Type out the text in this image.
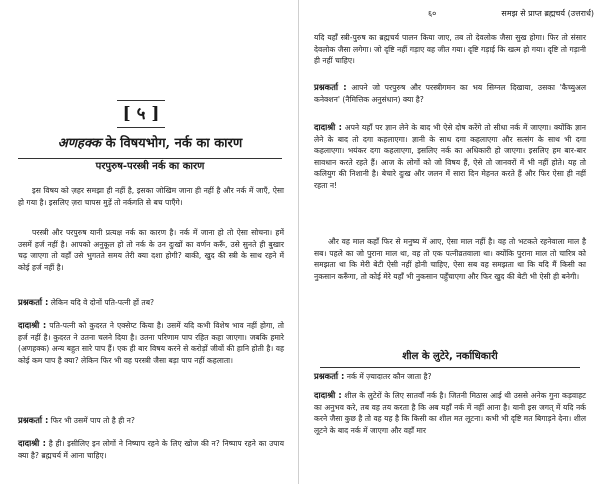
[ ५ ]
अणहक्क के विषयभोग, नर्क का कारण
परपुरुष-परस्त्री नर्क का कारण

इस विषय को ज़हर समझा ही नहीं है, इसका जोखिम जाना ही नहीं है और नर्क में जाएँ, ऐसा हो गया है। इसलिए ज़रा चापस मुड़ें तो नर्कगति से बच पाएँगे।

परस्त्री और परपुरुष यानी प्रत्यक्ष नर्क का कारण है। नर्क में जाना हो तो ऐसा सोचना। हमें उसमें हर्ज नहीं है। आपको अनुकूल हो तो नर्क के उन दुःखों का वर्णन करूँ, उसे सुनते ही बुखार चढ़ जाएगा तो वहाँ उसे भुगतते समय तेरी क्या दशा होगी? बाकी, खुद की स्त्री के साथ रहने में कोई हर्ज नहीं है।

प्रश्नकर्ता : लेकिन यदि वे दोनों पति-पत्नी हों तब?

दादाश्री : पति-पत्नी को कुदरत ने एक्सेप्ट किया है। उसमें यदि कभी विशेष भाव नहीं होगा, तो हर्ज नहीं है। कुदरत ने उतना चलने दिया है। उतना परिणाम पाप रहित कहा जाएगा। जबकि हमारे (अणहक्क) अन्य बहुत सारे पाप हैं। एक ही बार विषय करने से करोड़ों जीवों की हानि होती है। वह कोई कम पाप है क्या? लेकिन फिर भी वह परस्त्री जैसा बड़ा पाप नहीं कहलाता।

प्रश्नकर्ता : फिर भी उसमें पाप तो है ही न?

दादाश्री : है ही। इसीलिए इन लोगों ने निष्पाप रहने के लिए खोज की न? निष्पाप रहने का उपाय क्या है? ब्रह्मचर्य में आना चाहिए।

६०	समझ से प्राप्त ब्रह्मचर्य (उत्तरार्ध)

यदि यहाँ स्त्री-पुरुष का ब्रह्मचर्य पालन किया जाए, तब तो देवलोक जैसा सुख होगा। फिर तो संसार देवलोक जैसा लगेगा। जो दृष्टि नहीं गड़ाए वह जीत गया। दृष्टि गड़ाई कि खत्म हो गया। दृष्टि तो गड़ानी ही नहीं चाहिए।

प्रश्नकर्ता : आपने जो परपुरुष और परस्त्रीगमन का भय सिग्नल दिखाया, उसका 'कैच्युअल कनेक्शन' (नैमित्तिक अनुसंधान) क्या है?

दादाश्री : अपने यहाँ पर ज्ञान लेने के बाद भी ऐसे दोष करेंगे तो सीधा नर्क में जाएगा। क्योंकि ज्ञान लेने के बाद तो दगा कहलाएगा। ज्ञानी के साथ दगा कहलाएगा और सत्संग के साथ भी दगा कहलाएगा। भयंकर दगा कहलाएगा, इसलिए नर्क का अधिकारी हो जाएगा। इसलिए हम बार-बार सावधान करते रहते हैं। आज के लोगों को जो विषय हैं, ऐसे तो जानवरों में भी नहीं होते। यह तो कलियुग की निशानी है। बेचारे दुःख और जलन में सारा दिन मेहनत करते हैं और फिर ऐसा ही नहीं रहता न!

और वह माल कहाँ फिर से मनुष्य में आए, ऐसा माल नहीं है। वह तो भटकते रहनेवाला माल है सब। पहले का जो पुराना माल था, वह तो एक पत्नीव्रतवाला था। क्योंकि पुराना माल तो चारित्र को समझता था कि मेरी बेटी ऐसी नहीं होनी चाहिए, ऐसा सब वह समझता था कि यदि मैं किसी का नुकसान करूँगा, तो कोई मेरे यहाँ भी नुकसान पहुँचाएगा और फिर खुद की बेटी भी ऐसी ही बनेगी।

शील के लुटेरे, नर्काधिकारी

प्रश्नकर्ता : नर्क में ज़्यादातर कौन जाता है?

दादाश्री : शील के लुटेरों के लिए सातवाँ नर्क है। जितनी मिठास आई थी उससे अनेक गुना कड़वाहट का अनुभव करे, तब वह तय करता है कि अब यहाँ नर्क में नहीं आना है। यानी इस जगत् में यदि नर्क करने जैसा कुछ है तो वह यह है कि किसी का शील मत लूटना। कभी भी दृष्टि मत बिगाड़ने देना। शील लूटने के बाद नर्क में जाएगा और वहाँ मार
